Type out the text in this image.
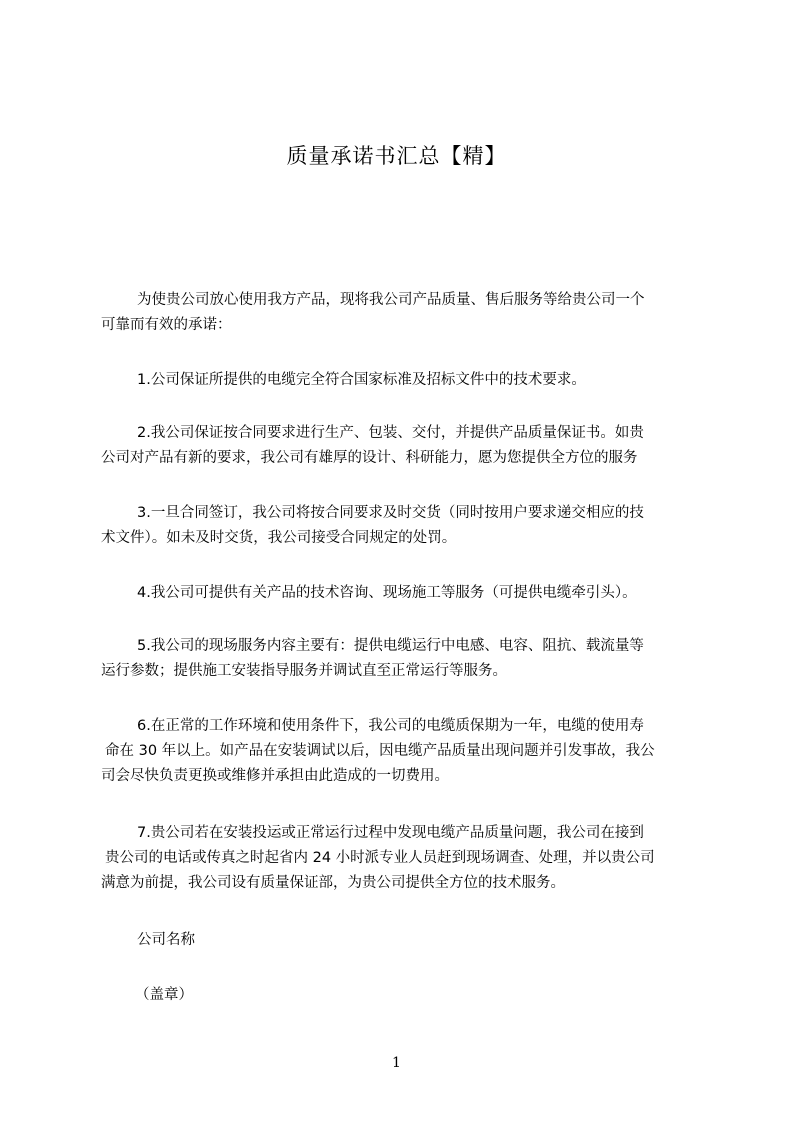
质量承诺书汇总【精】
为使贵公司放心使用我方产品，现将我公司产品质量、售后服务等给贵公司一个
可靠而有效的承诺：
1.公司保证所提供的电缆完全符合国家标准及招标文件中的技术要求。
2.我公司保证按合同要求进行生产、包装、交付，并提供产品质量保证书。如贵
公司对产品有新的要求，我公司有雄厚的设计、科研能力，愿为您提供全方位的服务
3.一旦合同签订，我公司将按合同要求及时交货（同时按用户要求递交相应的技
术文件）。如未及时交货，我公司接受合同规定的处罚。
4.我公司可提供有关产品的技术咨询、现场施工等服务（可提供电缆牵引头）。
5.我公司的现场服务内容主要有：提供电缆运行中电感、电容、阻抗、载流量等
运行参数；提供施工安装指导服务并调试直至正常运行等服务。
6.在正常的工作环境和使用条件下，我公司的电缆质保期为一年，电缆的使用寿
命在 30 年以上。如产品在安装调试以后，因电缆产品质量出现问题并引发事故，我公
司会尽快负责更换或维修并承担由此造成的一切费用。
7.贵公司若在安装投运或正常运行过程中发现电缆产品质量问题，我公司在接到
贵公司的电话或传真之时起省内 24 小时派专业人员赶到现场调查、处理，并以贵公司
满意为前提，我公司设有质量保证部，为贵公司提供全方位的技术服务。
公司名称
（盖章）
1
